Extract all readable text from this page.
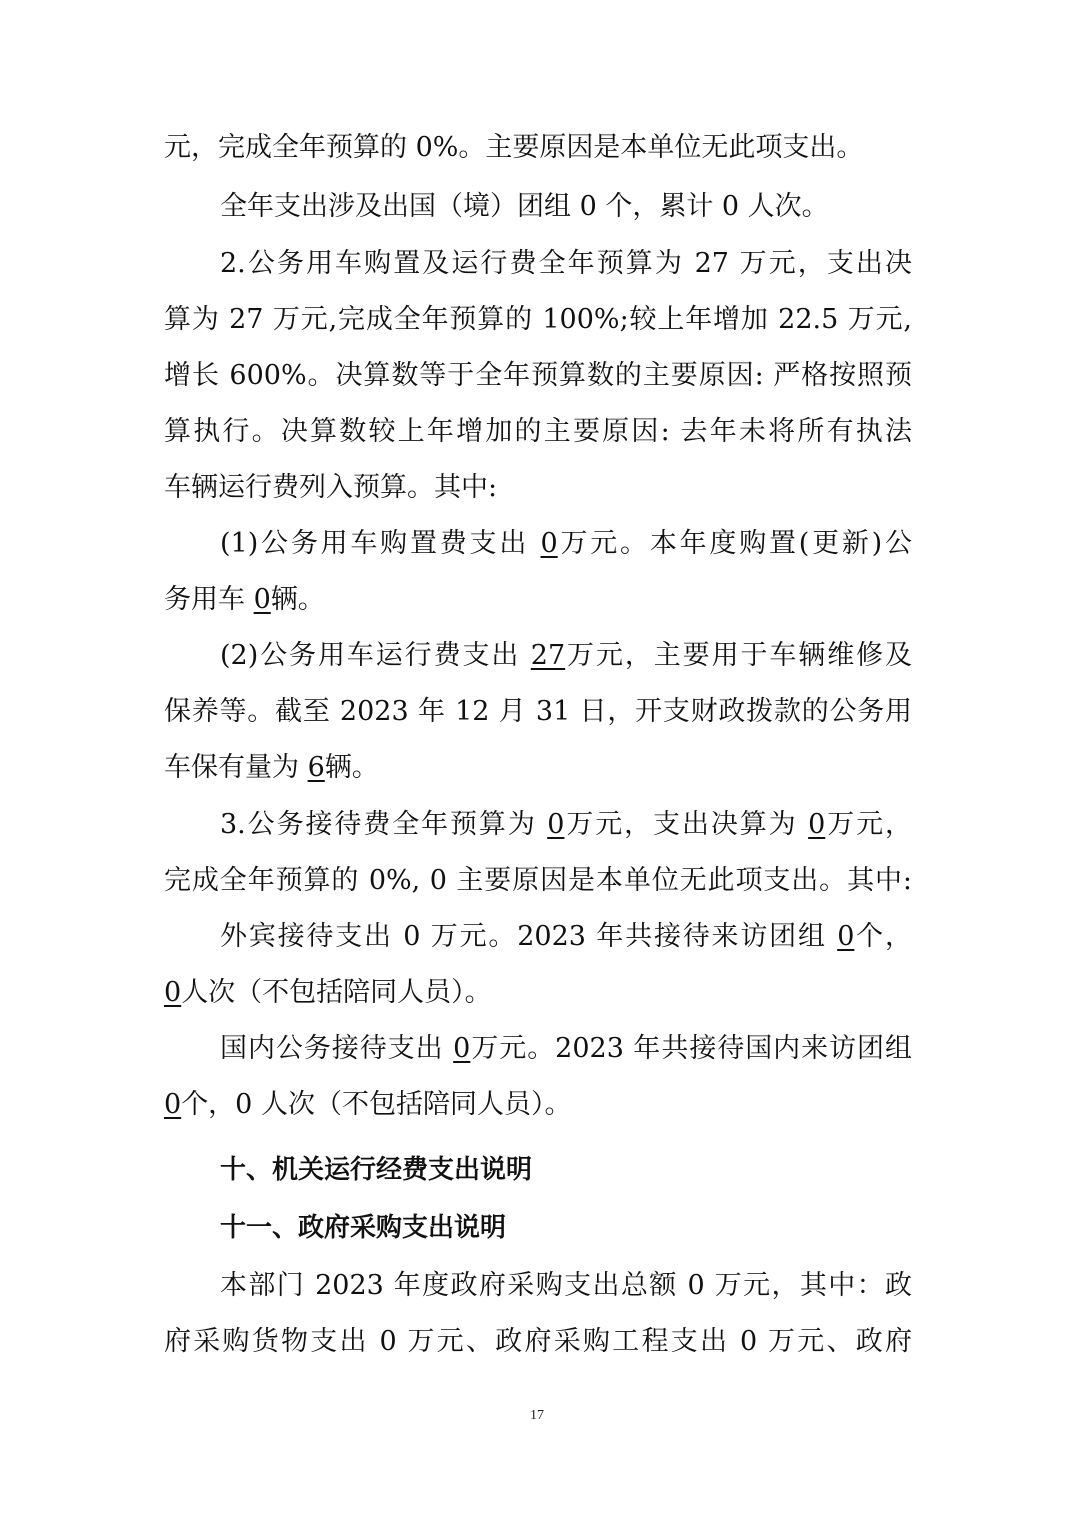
元，完成全年预算的 0%。主要原因是本单位无此项支出。
全年支出涉及出国（境）团组 0 个，累计 0 人次。
2.公务用车购置及运行费全年预算为 27 万元，支出决
算为 27 万元,完成全年预算的 100%;较上年增加 22.5 万元,
增长 600%。决算数等于全年预算数的主要原因: 严格按照预
算执行。决算数较上年增加的主要原因: 去年未将所有执法
车辆运行费列入预算。其中:
(1)公务用车购置费支出 0万元。本年度购置(更新)公
务用车 0辆。
(2)公务用车运行费支出 27万元，主要用于车辆维修及
保养等。截至 2023 年 12 月 31 日，开支财政拨款的公务用
车保有量为 6辆。
3.公务接待费全年预算为 0万元，支出决算为 0万元，
完成全年预算的 0%, 0 主要原因是本单位无此项支出。其中:
外宾接待支出 0 万元。2023 年共接待来访团组 0个，
0人次（不包括陪同人员）。
国内公务接待支出 0万元。2023 年共接待国内来访团组
0个，0 人次（不包括陪同人员）。
十、机关运行经费支出说明
十一、政府采购支出说明
本部门 2023 年度政府采购支出总额 0 万元，其中：政
府采购货物支出 0 万元、政府采购工程支出 0 万元、政府
17
